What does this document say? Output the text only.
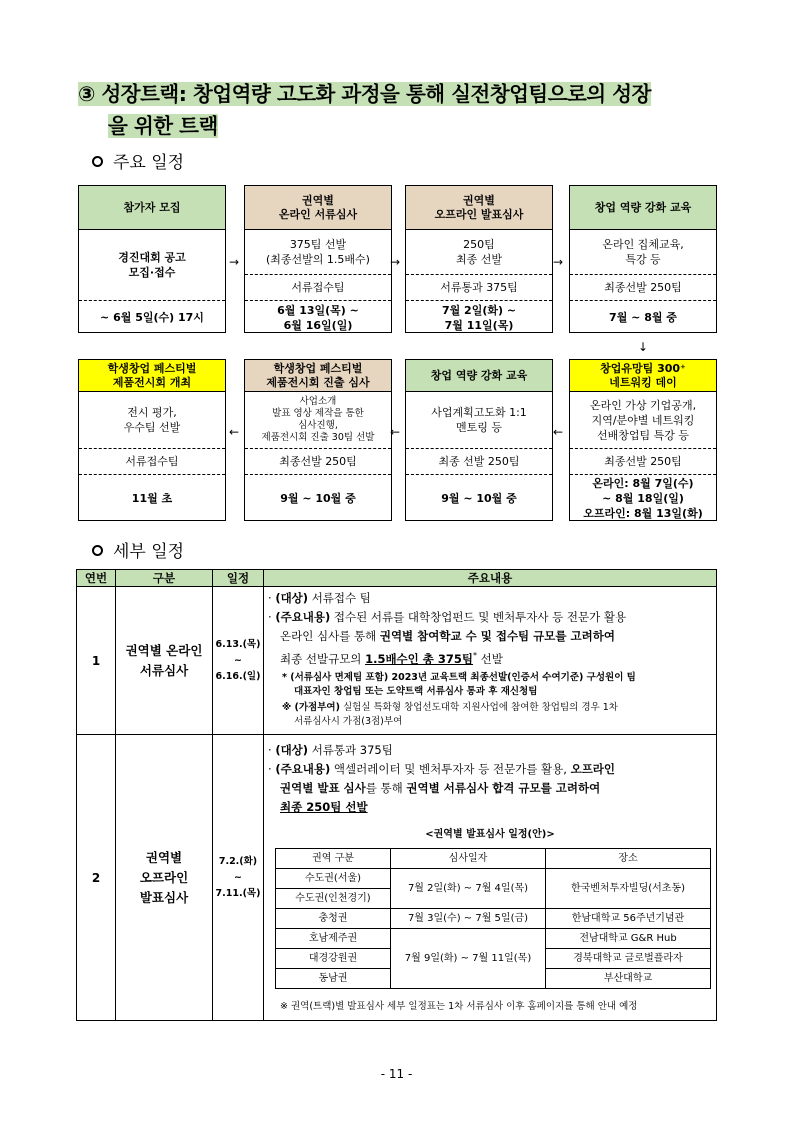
③ 성장트랙: 창업역량 고도화 과정을 통해 실전창업팀으로의 성장
을 위한 트랙
주요 일정
참가자 모집
경진대회 공고
모집·접수
~ 6월 5일(수) 17시
권역별
온라인 서류심사
375팀 선발
(최종선발의 1.5배수)
서류접수팀
6월 13일(목) ~
6월 16일(일)
권역별
오프라인 발표심사
250팀
최종 선발
서류통과 375팀
7월 2일(화) ~
7월 11일(목)
창업 역량 강화 교육
온라인 집체교육,
특강 등
최종선발 250팀
7월 ~ 8월 중
학생창업 페스티벌
제품전시회 개최
전시 평가,
우수팀 선발
서류접수팀
11월 초
학생창업 페스티벌
제품전시회 진출 심사
사업소개
발표 영상 제작을 통한
심사진행,
제품전시회 진출 30팀 선발
최종선발 250팀
9월 ~ 10월 중
창업 역량 강화 교육
사업계획고도화 1:1
멘토링 등
최종 선발 250팀
9월 ~ 10월 중
창업유망팀 300⁺
네트워킹 데이
온라인 가상 기업공개,
지역/분야별 네트워킹
선배창업팀 특강 등
최종선발 250팀
온라인: 8월 7일(수)
~ 8월 18일(일)
오프라인: 8월 13일(화)
→	→	→
↓
←	←	←
세부 일정
연번	구분	일정	주요내용
1	권역별 온라인
서류심사	6.13.(목)
~
6.16.(일)	
· (대상) 서류접수 팀
· (주요내용) 접수된 서류를 대학창업펀드 및 벤처투자사 등 전문가 활용
온라인 심사를 통해 권역별 참여학교 수 및 접수팀 규모를 고려하여
최종 선발규모의 1.5배수인 총 375팀* 선발
* (서류심사 면제팀 포함) 2023년 교육트랙 최종선발(인증서 수여기준) 구성원이 팀
대표자인 창업팀 또는 도약트랙 서류심사 통과 후 재신청팀
※ (가점부여) 실험실 특화형 창업선도대학 지원사업에 참여한 창업팀의 경우 1차
서류심사시 가점(3점)부여

2	권역별
오프라인
발표심사	7.2.(화)
~
7.11.(목)	
· (대상) 서류통과 375팀
· (주요내용) 액셀러레이터 및 벤처투자자 등 전문가를 활용, 오프라인
권역별 발표 심사를 통해 권역별 서류심사 합격 규모를 고려하여
최종 250팀 선발
<권역별 발표심사 일정(안)>
권역 구분	심사일자	장소
수도권(서울)	7월 2일(화) ~ 7월 4일(목)	한국벤처투자빌딩(서초동)
수도권(인천경기)
충청권	7월 3일(수) ~ 7월 5일(금)	한남대학교 56주년기념관
호남제주권	7월 9일(화) ~ 7월 11일(목)	전남대학교 G&R Hub
대경강원권	경북대학교 글로벌플라자
동남권	부산대학교
※ 권역(트랙)별 발표심사 세부 일정표는 1차 서류심사 이후 홈페이지를 통해 안내 예정
- 11 -
